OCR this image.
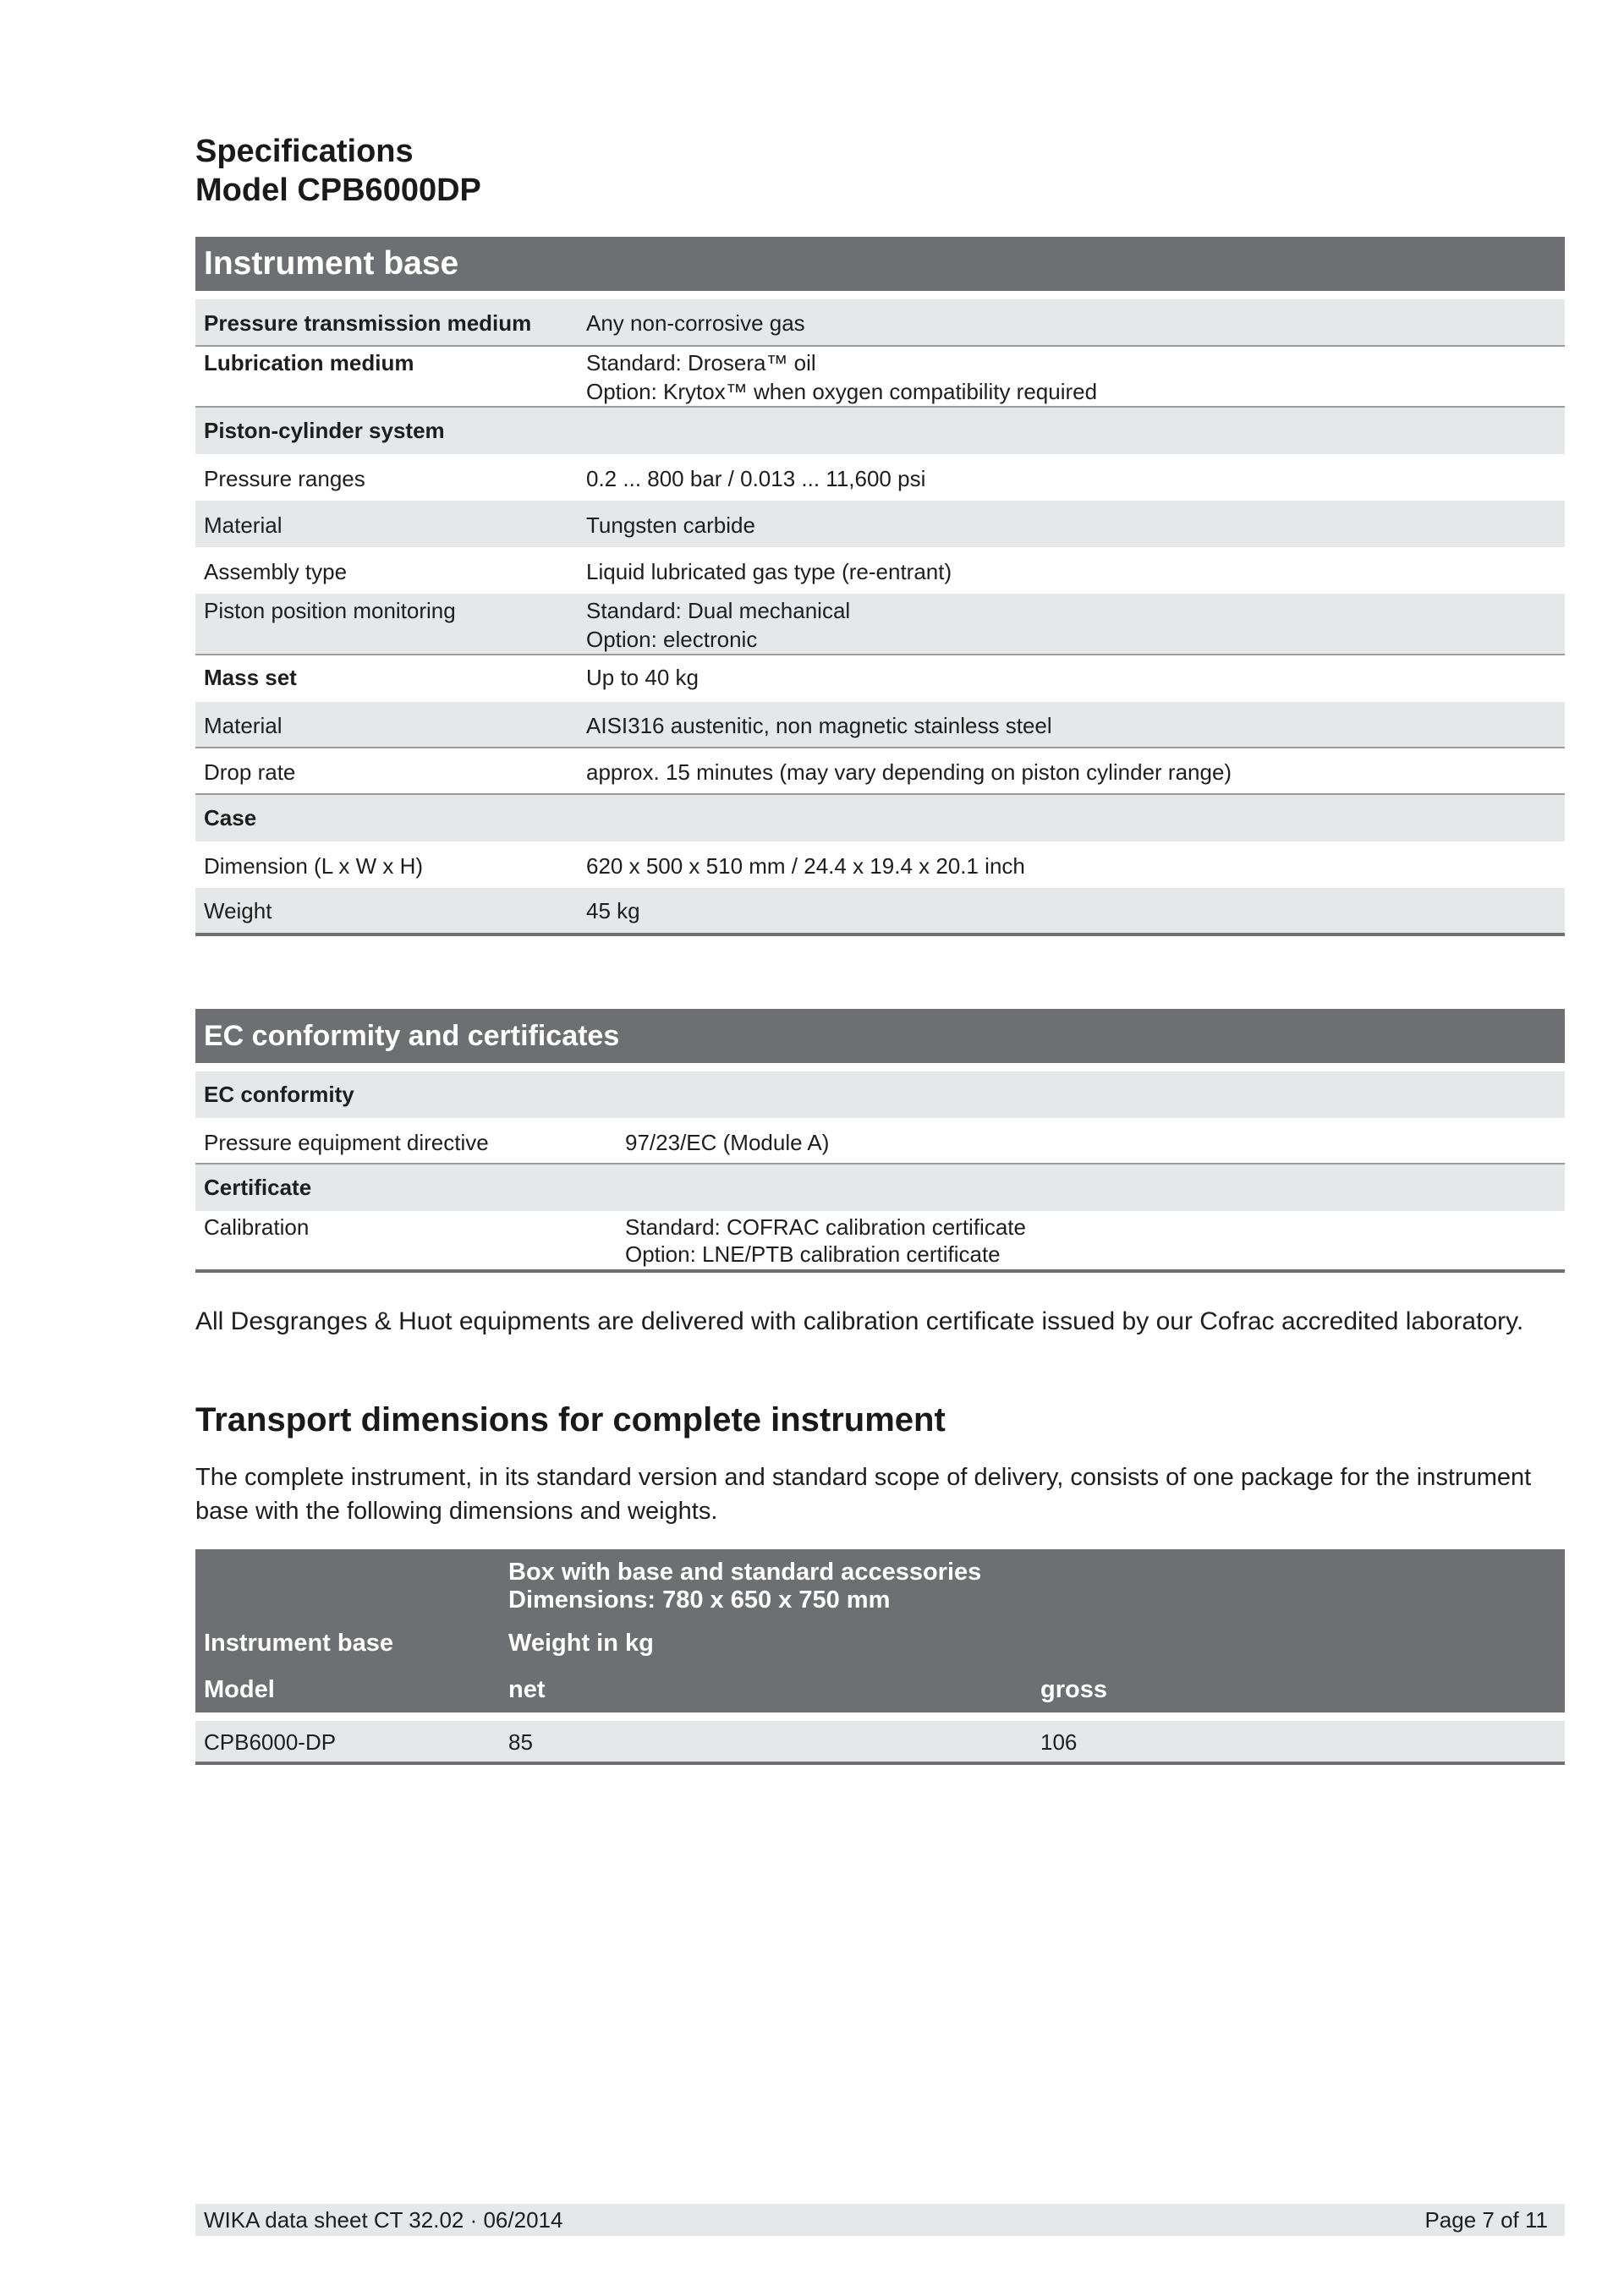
Specifications
Model CPB6000DP
Instrument base
Pressure transmission medium	Any non-corrosive gas
Lubrication medium	Standard: Drosera™ oil
Option: Krytox™ when oxygen compatibility required
Piston-cylinder system
Pressure ranges	0.2 ... 800 bar / 0.013 ... 11,600 psi
Material	Tungsten carbide
Assembly type	Liquid lubricated gas type (re-entrant)
Piston position monitoring	Standard: Dual mechanical
Option: electronic
Mass set	Up to 40 kg
Material	AISI316 austenitic, non magnetic stainless steel
Drop rate	approx. 15 minutes (may vary depending on piston cylinder range)
Case
Dimension (L x W x H)	620 x 500 x 510 mm / 24.4 x 19.4 x 20.1 inch
Weight	45 kg
EC conformity and certificates
EC conformity
Pressure equipment directive	97/23/EC (Module A)
Certificate
Calibration	Standard: COFRAC calibration certificate
Option: LNE/PTB calibration certificate

All Desgranges & Huot equipments are delivered with calibration certificate issued by our Cofrac accredited laboratory.

Transport dimensions for complete instrument

The complete instrument, in its standard version and standard scope of delivery, consists of one package for the instrument base with the following dimensions and weights.

Box with base and standard accessories
Dimensions: 780 x 650 x 750 mm
Instrument base	Weight in kg
Model	net	gross
CPB6000-DP	85	106
WIKA data sheet CT 32.02 · 06/2014	Page 7 of 11
